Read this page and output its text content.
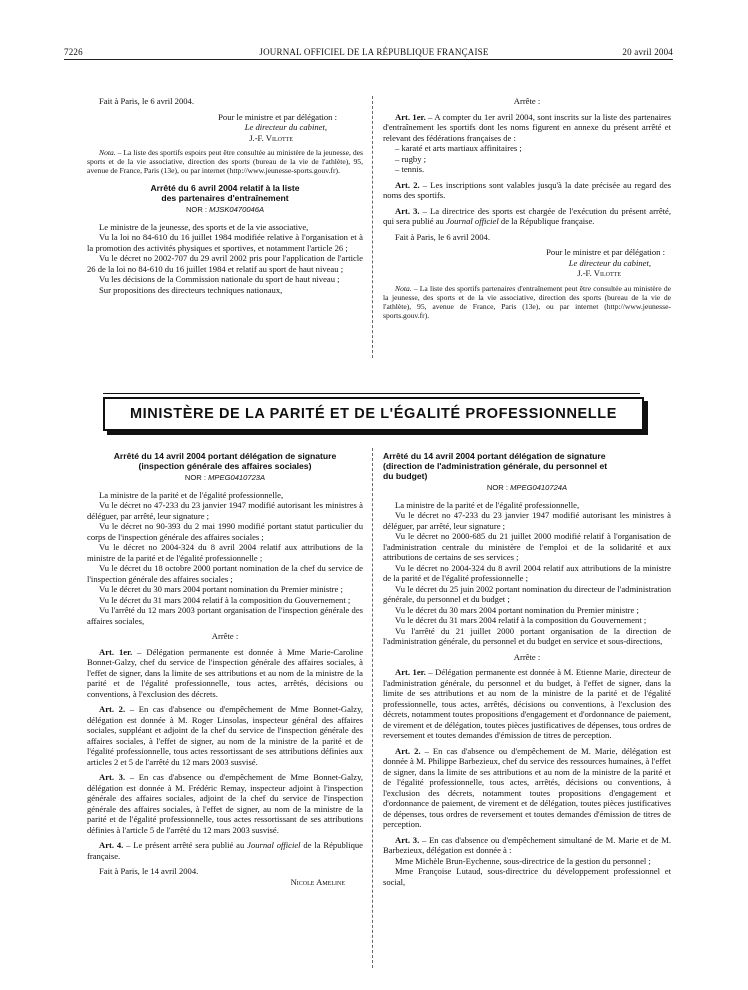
7226	JOURNAL OFFICIEL DE LA RÉPUBLIQUE FRANÇAISE	20 avril 2004

Fait à Paris, le 6 avril 2004.

Pour le ministre et par délégation :

Le directeur du cabinet,

J.-F. Vilotte

Nota. – La liste des sportifs espoirs peut être consultée au ministère de la jeunesse, des sports et de la vie associative, direction des sports (bureau de la vie de l'athlète), 95, avenue de France, Paris (13e), ou par internet (http://www.jeunesse-sports.gouv.fr).

Arrêté du 6 avril 2004 relatif à la liste
des partenaires d'entraînement
NOR : MJSK0470046A

Le ministre de la jeunesse, des sports et de la vie associative,

Vu la loi no 84-610 du 16 juillet 1984 modifiée relative à l'organisation et à la promotion des activités physiques et sportives, et notamment l'article 26 ;

Vu le décret no 2002-707 du 29 avril 2002 pris pour l'application de l'article 26 de la loi no 84-610 du 16 juillet 1984 et relatif au sport de haut niveau ;

Vu les décisions de la Commission nationale du sport de haut niveau ;

Sur propositions des directeurs techniques nationaux,

Arrête :

Art. 1er. – A compter du 1er avril 2004, sont inscrits sur la liste des partenaires d'entraînement les sportifs dont les noms figurent en annexe du présent arrêté et relevant des fédérations françaises de :

– karaté et arts martiaux affinitaires ;

– rugby ;

– tennis.

Art. 2. – Les inscriptions sont valables jusqu'à la date précisée au regard des noms des sportifs.

Art. 3. – La directrice des sports est chargée de l'exécution du présent arrêté, qui sera publié au Journal officiel de la République française.

Fait à Paris, le 6 avril 2004.

Pour le ministre et par délégation :

Le directeur du cabinet,

J.-F. Vilotte

Nota. – La liste des sportifs partenaires d'entraînement peut être consultée au ministère de la jeunesse, des sports et de la vie associative, direction des sports (bureau de la vie de l'athlète), 95, avenue de France, Paris (13e), ou par internet (http://www.jeunesse-sports.gouv.fr).

MINISTÈRE DE LA PARITÉ ET DE L'ÉGALITÉ PROFESSIONNELLE
Arrêté du 14 avril 2004 portant délégation de signature
(inspection générale des affaires sociales)
NOR : MPEG0410723A

La ministre de la parité et de l'égalité professionnelle,

Vu le décret no 47-233 du 23 janvier 1947 modifié autorisant les ministres à déléguer, par arrêté, leur signature ;

Vu le décret no 90-393 du 2 mai 1990 modifié portant statut particulier du corps de l'inspection générale des affaires sociales ;

Vu le décret no 2004-324 du 8 avril 2004 relatif aux attributions de la ministre de la parité et de l'égalité professionnelle ;

Vu le décret du 18 octobre 2000 portant nomination de la chef du service de l'inspection générale des affaires sociales ;

Vu le décret du 30 mars 2004 portant nomination du Premier ministre ;

Vu le décret du 31 mars 2004 relatif à la composition du Gouvernement ;

Vu l'arrêté du 12 mars 2003 portant organisation de l'inspection générale des affaires sociales,

Arrête :

Art. 1er. – Délégation permanente est donnée à Mme Marie-Caroline Bonnet-Galzy, chef du service de l'inspection générale des affaires sociales, à l'effet de signer, dans la limite de ses attributions et au nom de la ministre de la parité et de l'égalité professionnelle, tous actes, arrêtés, décisions ou conventions, à l'exclusion des décrets.

Art. 2. – En cas d'absence ou d'empêchement de Mme Bonnet-Galzy, délégation est donnée à M. Roger Linsolas, inspecteur général des affaires sociales, suppléant et adjoint de la chef du service de l'inspection générale des affaires sociales, à l'effet de signer, au nom de la ministre de la parité et de l'égalité professionnelle, tous actes ressortissant de ses attributions définies aux articles 2 et 5 de l'arrêté du 12 mars 2003 susvisé.

Art. 3. – En cas d'absence ou d'empêchement de Mme Bonnet-Galzy, délégation est donnée à M. Frédéric Remay, inspecteur adjoint à l'inspection générale des affaires sociales, adjoint de la chef du service de l'inspection générale des affaires sociales, à l'effet de signer, au nom de la ministre de la parité et de l'égalité professionnelle, tous actes ressortissant de ses attributions définies à l'article 5 de l'arrêté du 12 mars 2003 susvisé.

Art. 4. – Le présent arrêté sera publié au Journal officiel de la République française.

Fait à Paris, le 14 avril 2004.

Nicole Ameline

Arrêté du 14 avril 2004 portant délégation de signature
(direction de l'administration générale, du personnel et
du budget)
NOR : MPEG0410724A

La ministre de la parité et de l'égalité professionnelle,

Vu le décret no 47-233 du 23 janvier 1947 modifié autorisant les ministres à déléguer, par arrêté, leur signature ;

Vu le décret no 2000-685 du 21 juillet 2000 modifié relatif à l'organisation de l'administration centrale du ministère de l'emploi et de la solidarité et aux attributions de certains de ses services ;

Vu le décret no 2004-324 du 8 avril 2004 relatif aux attributions de la ministre de la parité et de l'égalité professionnelle ;

Vu le décret du 25 juin 2002 portant nomination du directeur de l'administration générale, du personnel et du budget ;

Vu le décret du 30 mars 2004 portant nomination du Premier ministre ;

Vu le décret du 31 mars 2004 relatif à la composition du Gouvernement ;

Vu l'arrêté du 21 juillet 2000 portant organisation de la direction de l'administration générale, du personnel et du budget en service et sous-directions,

Arrête :

Art. 1er. – Délégation permanente est donnée à M. Etienne Marie, directeur de l'administration générale, du personnel et du budget, à l'effet de signer, dans la limite de ses attributions et au nom de la ministre de la parité et de l'égalité professionnelle, tous actes, arrêtés, décisions ou conventions, à l'exclusion des décrets, notamment toutes propositions d'engagement et d'ordonnance de paiement, de virement et de délégation, toutes pièces justificatives de dépenses, tous ordres de reversement et toutes demandes d'émission de titres de perception.

Art. 2. – En cas d'absence ou d'empêchement de M. Marie, délégation est donnée à M. Philippe Barbezieux, chef du service des ressources humaines, à l'effet de signer, dans la limite de ses attributions et au nom de la ministre de la parité et de l'égalité professionnelle, tous actes, arrêtés, décisions ou conventions, à l'exclusion des décrets, notamment toutes propositions d'engagement et d'ordonnance de paiement, de virement et de délégation, toutes pièces justificatives de dépenses, tous ordres de reversement et toutes demandes d'émission de titres de perception.

Art. 3. – En cas d'absence ou d'empêchement simultané de M. Marie et de M. Barbezieux, délégation est donnée à :

Mme Michèle Brun-Eychenne, sous-directrice de la gestion du personnel ;

Mme Françoise Lutaud, sous-directrice du développement professionnel et social,
